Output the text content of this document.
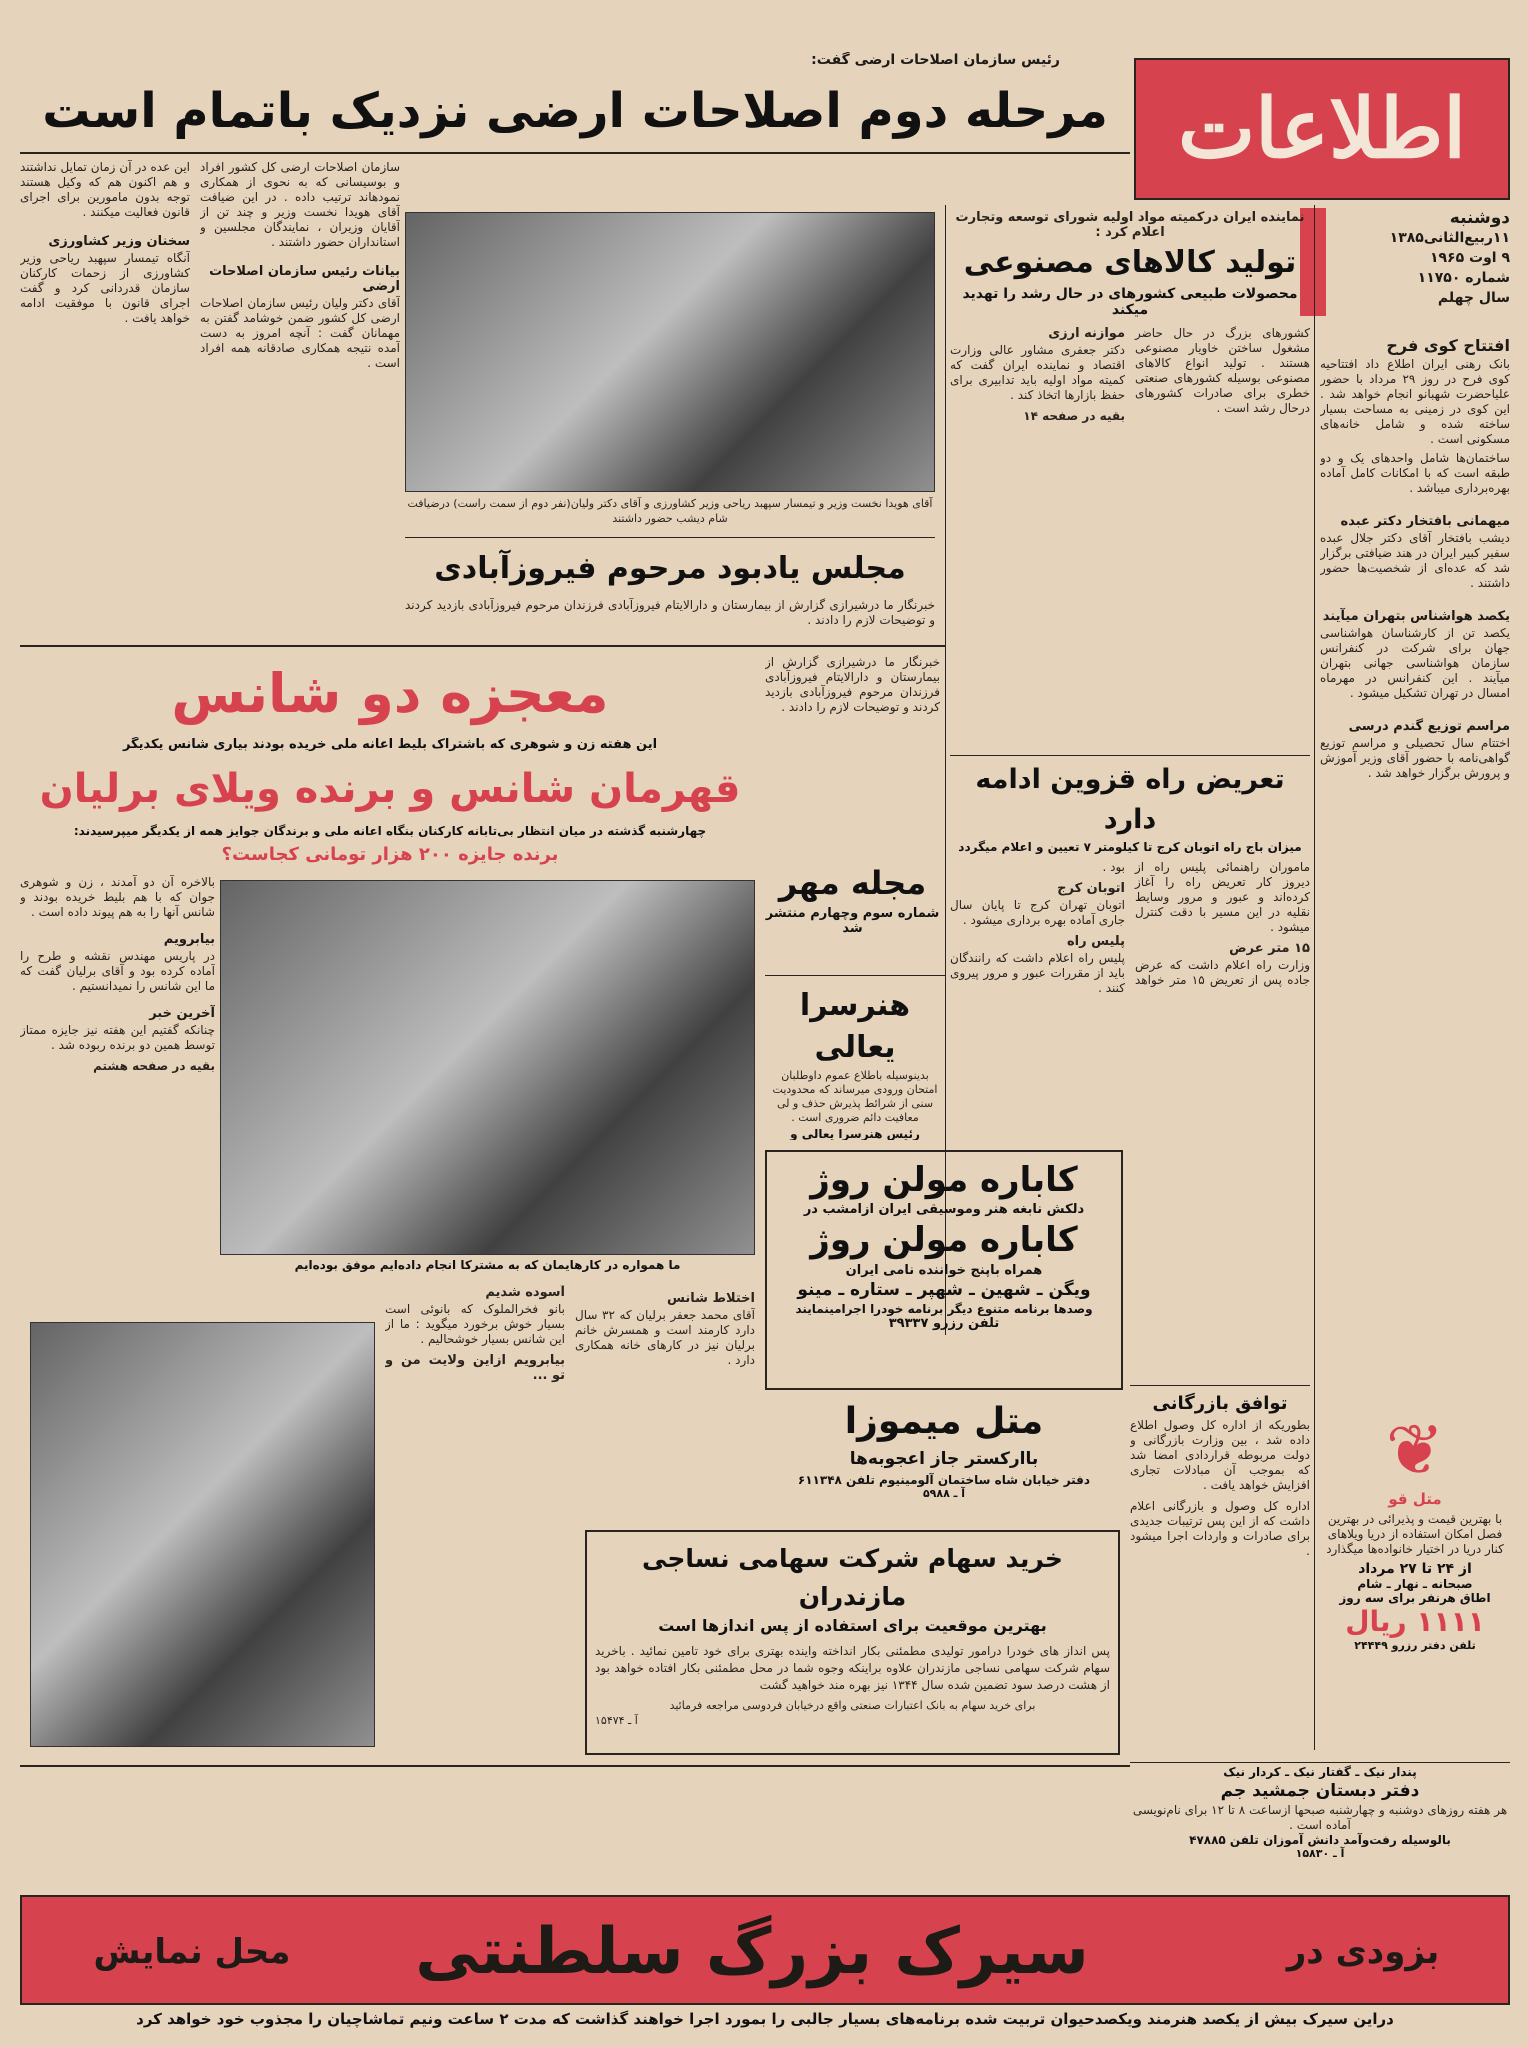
رئیس سازمان اصلاحات ارضی گفت:
مرحله دوم اصلاحات ارضی نزدیک باتمام است اطلاعات
دوشنبه
۱۱ربیع‌الثانی۱۳۸۵
۹ اوت ۱۹۶۵
شماره ۱۱۷۵۰
سال چهلم
افتتاح کوی فرح
بانک رهنی ایران اطلاع داد افتتاحیه کوی فرح در روز ۲۹ مرداد با حضور علیاحضرت شهبانو انجام خواهد شد . این کوی در زمینی به مساحت بسیار ساخته شده و شامل خانه‌های مسکونی است .
ساختمان‌ها شامل واحدهای یک و دو طبقه است که با امکانات کامل آماده بهره‌برداری میباشد .
میهمانی بافتخار دکتر عبده
دیشب بافتخار آقای دکتر جلال عبده سفیر کبیر ایران در هند ضیافتی برگزار شد که عده‌ای از شخصیت‌ها حضور داشتند .
یکصد هواشناس بتهران میآیند
یکصد تن از کارشناسان هواشناسی جهان برای شرکت در کنفرانس سازمان هواشناسی جهانی بتهران میآیند . این کنفرانس در مهرماه امسال در تهران تشکیل میشود .
مراسم توزیع گندم درسی
اختتام سال تحصیلی و مراسم توزیع گواهی‌نامه با حضور آقای وزیر آموزش و پرورش برگزار خواهد شد .
❦
متل قو
با بهترین قیمت و پذیرائی در بهترین فصل امکان استفاده از دریا ویلاهای کنار دریا در اختیار خانواده‌ها میگذارد
از ۲۴ تا ۲۷ مرداد
صبحانه ـ نهار ـ شام
اطاق هرنفر برای سه روز
۱۱۱۱ ریال
تلفن دفتر رزرو ۲۴۴۴۹
این عده در آن زمان تمایل نداشتند و هم اکنون هم که وکیل هستند توجه بدون مامورین برای اجرای قانون فعالیت میکنند .
سخنان وزیر کشاورزی
آنگاه تیمسار سپهبد ریاحی وزیر کشاورزی از زحمات کارکنان سازمان قدردانی کرد و گفت اجرای قانون با موفقیت ادامه خواهد یافت .
سازمان اصلاحات ارضی کل کشور افراد و بوسیسانی که به نحوی از همکاری نمودهاند ترتیب داده . در این ضیافت آقای هویدا نخست وزیر و چند تن از آقایان وزیران ، نمایندگان مجلسین و استانداران حضور داشتند .
بیانات رئیس سازمان اصلاحات ارضی
آقای دکتر ولیان رئیس سازمان اصلاحات ارضی کل کشور ضمن خوشامد گفتن به مهمانان گفت : آنچه امروز به دست آمده نتیجه همکاری صادقانه همه افراد است .
آقای هویدا نخست وزیر و تیمسار سپهبد ریاحی وزیر کشاورزی و آقای دکتر ولیان(نفر دوم از سمت راست) درضیافت شام دیشب حضور داشتند
مجلس یادبود مرحوم فیروزآبادی
خبرنگار ما درشیرازی گزارش از بیمارستان و دارالایتام فیروزآبادی فرزندان مرحوم فیروزآبادی بازدید کردند و توضیحات لازم را دادند .
نماینده ایران درکمیته مواد اولیه شورای توسعه وتجارت اعلام کرد :
تولید کالاهای مصنوعی
محصولات طبیعی کشورهای در حال رشد را تهدید میکند
کشورهای بزرگ در حال حاضر مشغول ساختن خاویار مصنوعی هستند . تولید انواع کالاهای مصنوعی بوسیله کشورهای صنعتی خطری برای صادرات کشورهای درحال رشد است .
موازنه ارزی
دکتر جعفری مشاور عالی وزارت اقتصاد و نماینده ایران گفت که کمیته مواد اولیه باید تدابیری برای حفظ بازارها اتخاذ کند .
بقیه در صفحه ۱۴
تعریض راه قزوین ادامه دارد
میزان باج راه اتوبان کرج تا کیلومتر ۷ تعیین و اعلام میگردد
ماموران راهنمائی پلیس راه از دیروز کار تعریض راه را آغاز کرده‌اند و عبور و مرور وسایط نقلیه در این مسیر با دقت کنترل میشود .
۱۵ متر عرض
وزارت راه اعلام داشت که عرض جاده پس از تعریض ۱۵ متر خواهد بود .
اتوبان کرج
اتوبان تهران کرج تا پایان سال جاری آماده بهره برداری میشود .
پلیس راه
پلیس راه اعلام داشت که رانندگان باید از مقررات عبور و مرور پیروی کنند .
توافق بازرگانی
بطوریکه از اداره کل وصول اطلاع داده شد ، بین وزارت بازرگانی و دولت مربوطه قراردادی امضا شد که بموجب آن مبادلات تجاری افزایش خواهد یافت .
اداره کل وصول و بازرگانی اعلام داشت که از این پس ترتیبات جدیدی برای صادرات و واردات اجرا میشود .
خبرنگار ما درشیرازی گزارش از بیمارستان و دارالایتام فیروزآبادی فرزندان مرحوم فیروزآبادی بازدید کردند و توضیحات لازم را دادند .
مجله مهر
شماره سوم وچهارم منتشر شد
هنرسرا یعالی
بدینوسیله باطلاع عموم داوطلبان امتحان ورودی میرساند که محدودیت سنی از شرائط پذیرش حذف و لی معافیت دائم ضروری است .
رئیس هنرسرا یعالی و
کاباره مولن روژ
دلکش نابغه هنر وموسیقی ایران ازامشب در
کاباره مولن روژ
همراه باپنج خواننده نامی ایران
ویگن ـ شهین ـ شهپر ـ ستاره ـ مینو
وصدها برنامه متنوع دیگر برنامه خودرا اجرامینمایند
تلفن رزرو ۳۹۳۳۷
متل میموزا
باارکستر جاز اعجوبه‌ها
دفتر خیابان شاه ساختمان آلومینیوم تلفن ۶۱۱۳۴۸
آ ـ ۵۹۸۸
خرید سهام شرکت سهامی نساجی مازندران
بهترین موقعیت برای استفاده از پس اندازها است
پس انداز های خودرا درامور تولیدی مطمئنی بکار انداخته واینده بهتری برای خود تامین نمائید . باخرید سهام شرکت سهامی نساجی مازندران علاوه براینکه وجوه شما در محل مطمئنی بکار افتاده خواهد بود از هشت درصد سود تضمین شده سال ۱۳۴۴ نیز بهره مند خواهید گشت
برای خرید سهام به بانک اعتبارات صنعتی واقع درخیابان فردوسی مراجعه فرمائید
آ ـ ۱۵۴۷۴
پندار نیک ـ گفتار نیک ـ کردار نیک
دفتر دبستان جمشید جم
هر هفته روزهای دوشنبه و چهارشنبه صبحها ازساعت ۸ تا ۱۲ برای نام‌نویسی آماده است .
بالوسیله رفت‌وآمد دانش آموزان تلفن ۴۷۸۸۵
آ ـ ۱۵۸۳۰
معجزه دو شانس
این هفته زن و شوهری که باشتراک بلیط اعانه ملی خریده بودند بیاری شانس یکدیگر
قهرمان شانس و برنده ویلای برلیان
چهارشنبه گذشته در میان انتظار بی‌تابانه کارکنان بنگاه اعانه ملی و برندگان جوایز همه از یکدیگر میپرسیدند:
برنده جایزه ۲۰۰ هزار تومانی کجاست؟
ما همواره در کارهایمان که به مشترکا انجام داده‌ایم موفق بوده‌ایم
بالاخره آن دو آمدند ، زن و شوهری جوان که با هم بلیط خریده بودند و شانس آنها را به هم پیوند داده است .
بیابرویم
در پاریس مهندس نقشه و طرح را آماده کرده بود و آقای برلیان گفت که ما این شانس را نمیدانستیم .
آخرین خبر
چنانکه گفتیم این هفته نیز جایزه ممتاز توسط همین دو برنده ربوده شد .
بقیه در صفحه هشتم
اختلاط شانس
آقای محمد جعفر برلیان که ۳۲ سال دارد کارمند است و همسرش خانم برلیان نیز در کارهای خانه همکاری دارد .
آسوده شدیم
بانو فخرالملوک که بانوئی است بسیار خوش برخورد میگوید : ما از این شانس بسیار خوشحالیم .
بیابرویم ازاین ولایت من و تو ...
بزودی در
سیرک بزرگ سلطنتی
محل نمایش
دراین سیرک بیش از یکصد هنرمند ویکصدحیوان تربیت شده برنامه‌های بسیار جالبی را بمورد اجرا خواهند گذاشت که مدت ۲ ساعت ونیم تماشاچیان را مجذوب خود خواهد کرد
